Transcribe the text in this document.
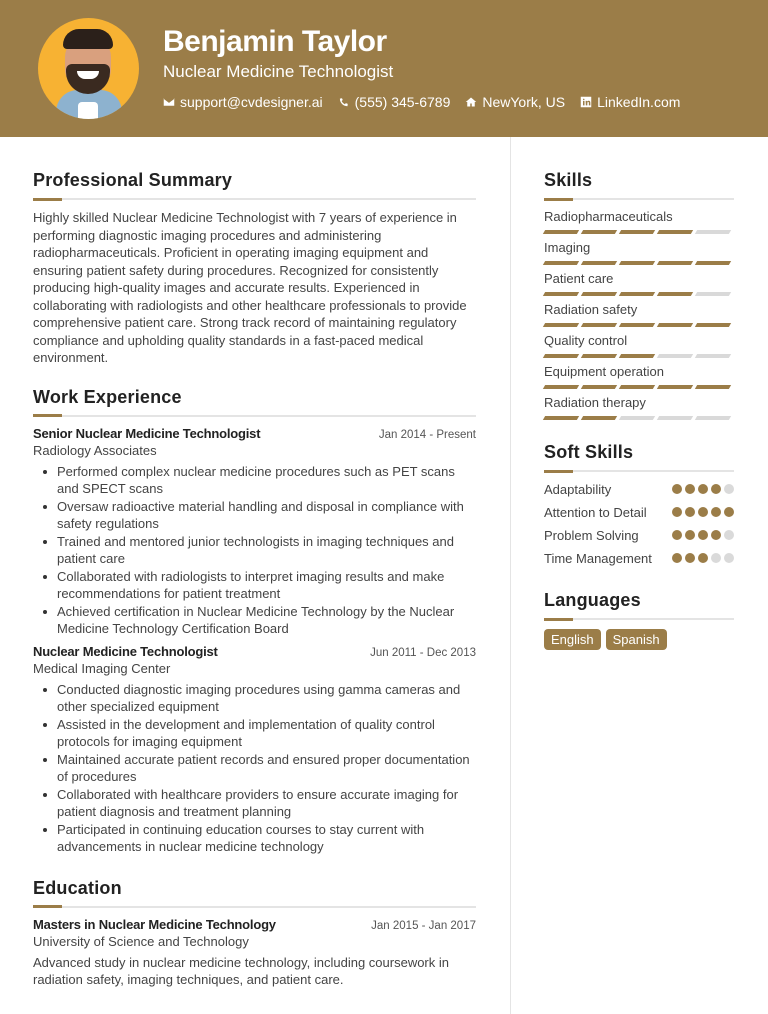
Benjamin Taylor
Nuclear Medicine Technologist
support@cvdesigner.ai (555) 345-6789 NewYork, US LinkedIn.com
Professional Summary

Highly skilled Nuclear Medicine Technologist with 7 years of experience in performing diagnostic imaging procedures and administering radiopharmaceuticals. Proficient in operating imaging equipment and ensuring patient safety during procedures. Recognized for consistently producing high-quality images and accurate results. Experienced in collaborating with radiologists and other healthcare professionals to provide comprehensive patient care. Strong track record of maintaining regulatory compliance and upholding quality standards in a fast-paced medical environment.

Work Experience
Senior Nuclear Medicine Technologist	Jan 2014 - Present
Radiology Associates
Performed complex nuclear medicine procedures such as PET scans and SPECT scans
Oversaw radioactive material handling and disposal in compliance with safety regulations
Trained and mentored junior technologists in imaging techniques and patient care
Collaborated with radiologists to interpret imaging results and make recommendations for patient treatment
Achieved certification in Nuclear Medicine Technology by the Nuclear Medicine Technology Certification Board
Nuclear Medicine Technologist	Jun 2011 - Dec 2013
Medical Imaging Center
Conducted diagnostic imaging procedures using gamma cameras and other specialized equipment
Assisted in the development and implementation of quality control protocols for imaging equipment
Maintained accurate patient records and ensured proper documentation of procedures
Collaborated with healthcare providers to ensure accurate imaging for patient diagnosis and treatment planning
Participated in continuing education courses to stay current with advancements in nuclear medicine technology
Education
Masters in Nuclear Medicine Technology	Jan 2015 - Jan 2017
University of Science and Technology

Advanced study in nuclear medicine technology, including coursework in radiation safety, imaging techniques, and patient care.

Skills
Radiopharmaceuticals
Imaging
Patient care
Radiation safety
Quality control
Equipment operation
Radiation therapy
Soft Skills
Adaptability
Attention to Detail
Problem Solving
Time Management
Languages
English	Spanish
